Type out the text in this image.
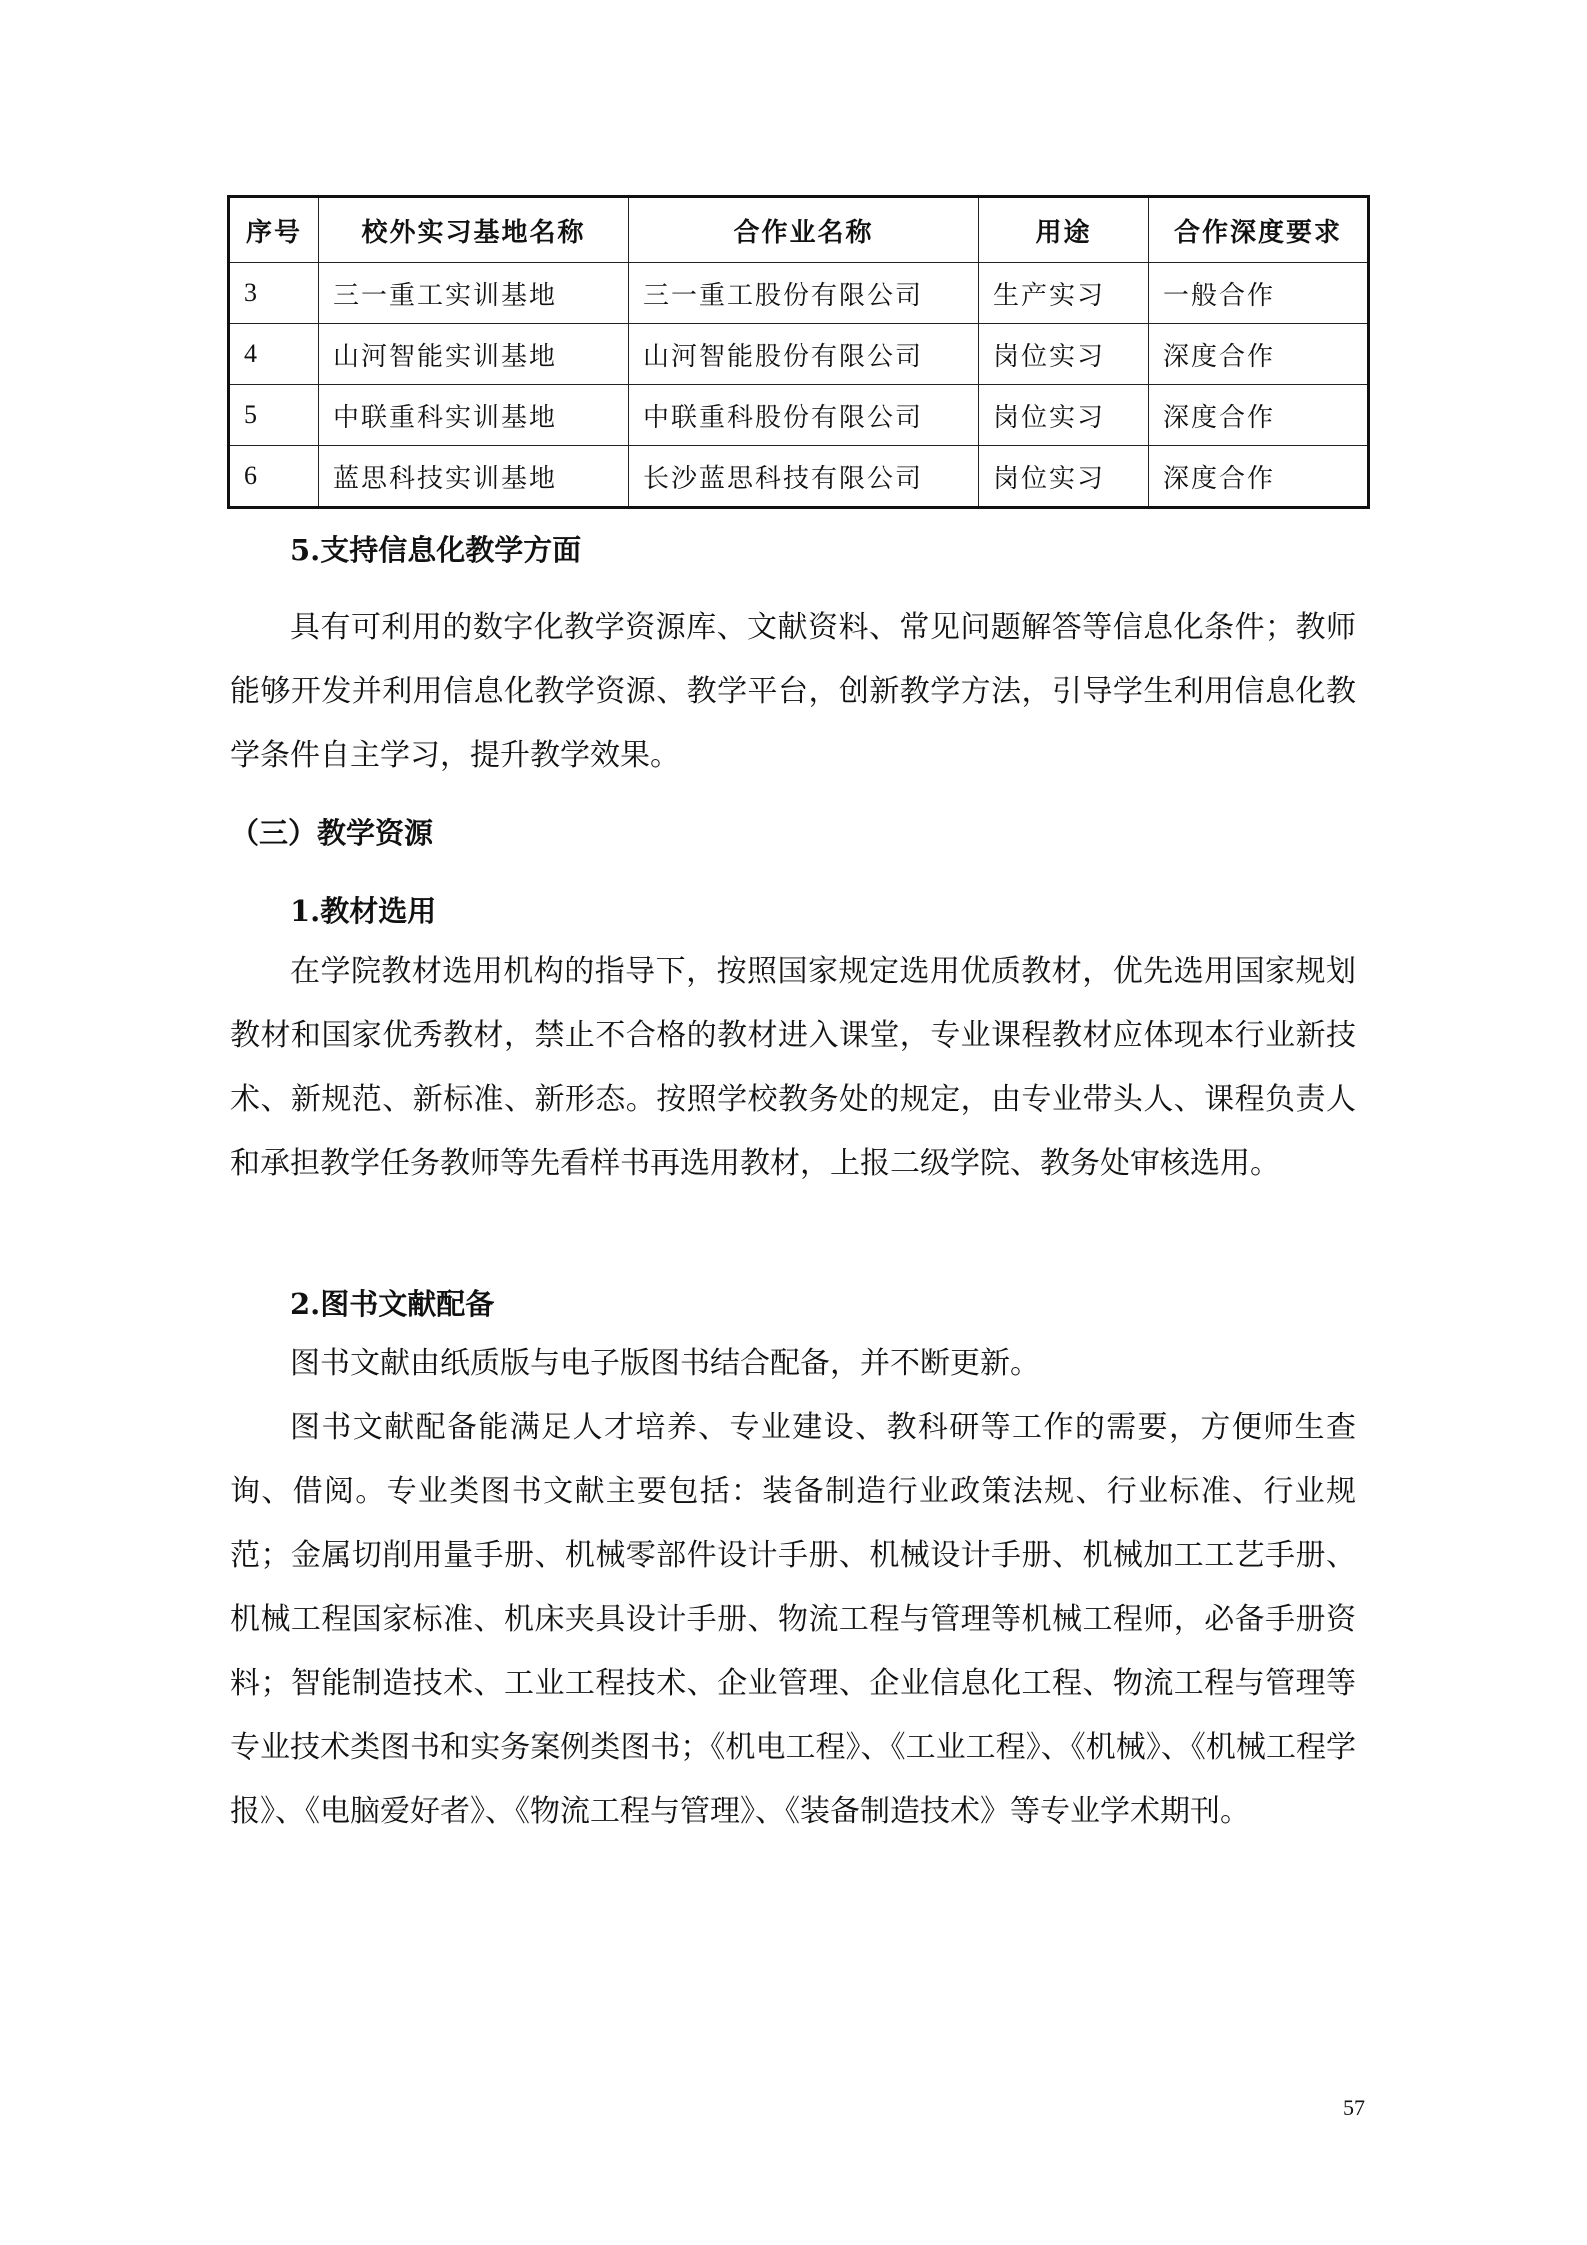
序号	校外实习基地名称	合作业名称	用途	合作深度要求
3	三一重工实训基地	三一重工股份有限公司	生产实习	一般合作
4	山河智能实训基地	山河智能股份有限公司	岗位实习	深度合作
5	中联重科实训基地	中联重科股份有限公司	岗位实习	深度合作
6	蓝思科技实训基地	长沙蓝思科技有限公司	岗位实习	深度合作

5.支持信息化教学方面

具有可利用的数字化教学资源库、文献资料、常见问题解答等信息化条件；教师能够开发并利用信息化教学资源、教学平台，创新教学方法，引导学生利用信息化教学条件自主学习，提升教学效果。

（三）教学资源

1.教材选用

在学院教材选用机构的指导下，按照国家规定选用优质教材，优先选用国家规划教材和国家优秀教材，禁止不合格的教材进入课堂，专业课程教材应体现本行业新技术、新规范、新标准、新形态。按照学校教务处的规定，由专业带头人、课程负责人和承担教学任务教师等先看样书再选用教材，上报二级学院、教务处审核选用。

2.图书文献配备

图书文献由纸质版与电子版图书结合配备，并不断更新。

图书文献配备能满足人才培养、专业建设、教科研等工作的需要，方便师生查询、借阅。专业类图书文献主要包括：装备制造行业政策法规、行业标准、行业规范；金属切削用量手册、机械零部件设计手册、机械设计手册、机械加工工艺手册、机械工程国家标准、机床夹具设计手册、物流工程与管理等机械工程师，必备手册资料；智能制造技术、工业工程技术、企业管理、企业信息化工程、物流工程与管理等专业技术类图书和实务案例类图书；《机电工程》、《工业工程》、《机械》、《机械工程学报》、《电脑爱好者》、《物流工程与管理》、《装备制造技术》等专业学术期刊。

57
